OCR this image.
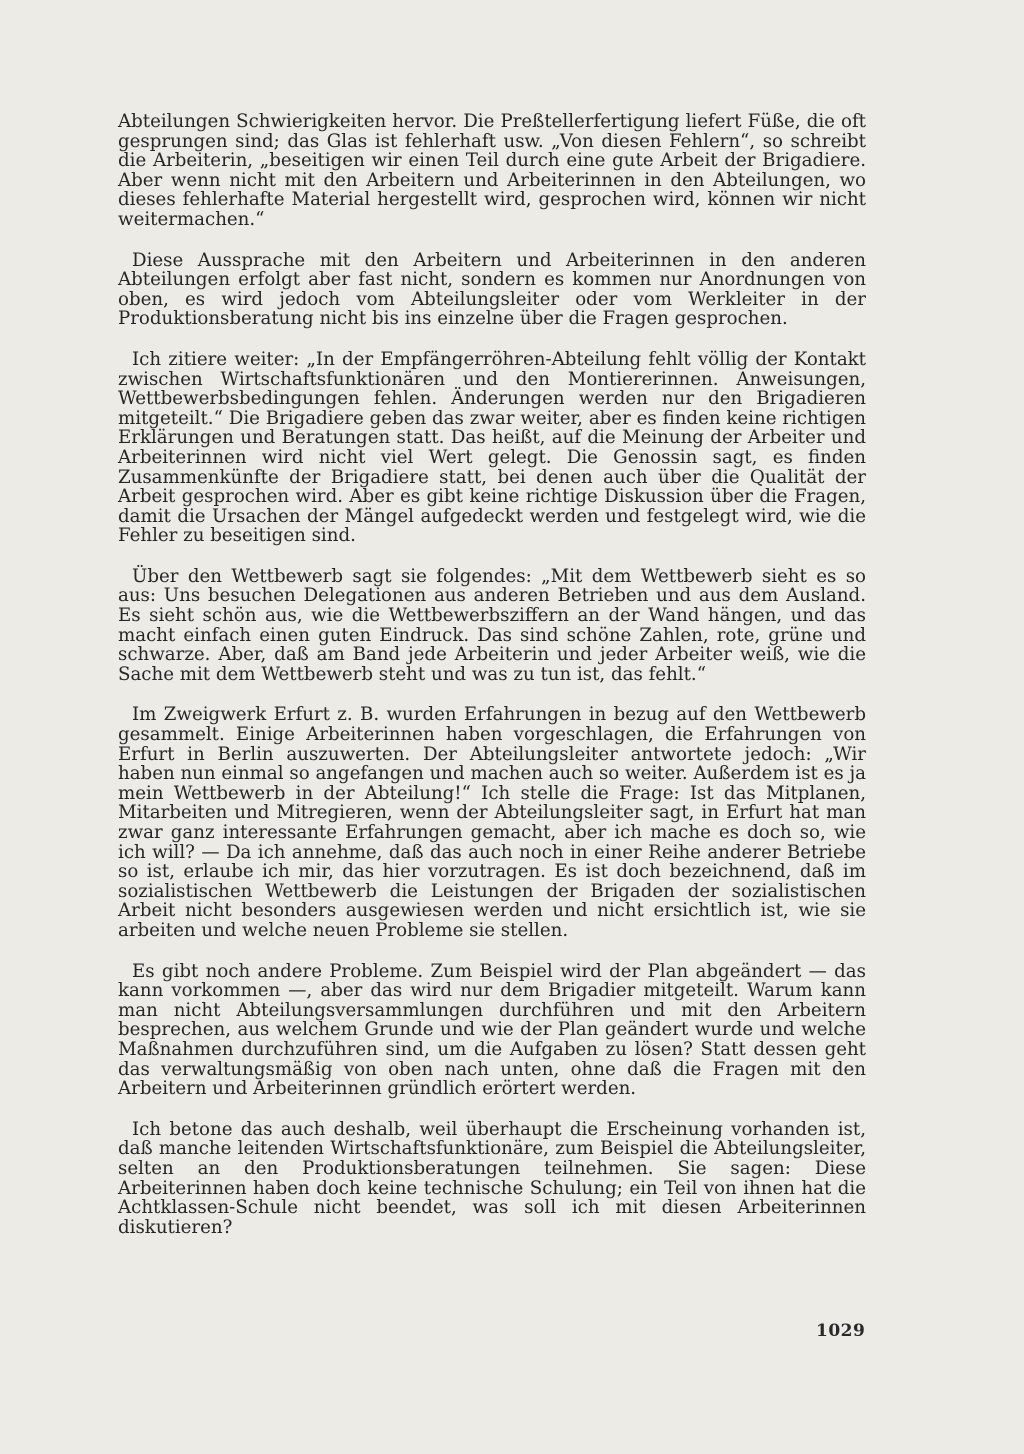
Abteilungen Schwierigkeiten hervor. Die Preßtellerfertigung liefert Füße, die oft gesprungen sind; das Glas ist fehlerhaft usw. „Von diesen Fehlern“, so schreibt die Arbeiterin, „beseitigen wir einen Teil durch eine gute Arbeit der Brigadiere. Aber wenn nicht mit den Arbeitern und Arbeiterinnen in den Abteilungen, wo dieses fehlerhafte Material hergestellt wird, gesprochen wird, können wir nicht weitermachen.“

Diese Aussprache mit den Arbeitern und Arbeiterinnen in den anderen Abteilungen erfolgt aber fast nicht, sondern es kommen nur Anordnungen von oben, es wird jedoch vom Abteilungsleiter oder vom Werkleiter in der Produktionsberatung nicht bis ins einzelne über die Fragen gesprochen.

Ich zitiere weiter: „In der Empfängerröhren-Abteilung fehlt völlig der Kontakt zwischen Wirtschaftsfunktionären und den Montiererinnen. Anweisungen, Wettbewerbsbedingungen fehlen. Änderungen werden nur den Brigadieren mitgeteilt.“ Die Brigadiere geben das zwar weiter, aber es finden keine richtigen Erklärungen und Beratungen statt. Das heißt, auf die Meinung der Arbeiter und Arbeiterinnen wird nicht viel Wert gelegt. Die Genossin sagt, es finden Zusammenkünfte der Brigadiere statt, bei denen auch über die Qualität der Arbeit gesprochen wird. Aber es gibt keine richtige Diskussion über die Fragen, damit die Ursachen der Mängel aufgedeckt werden und festgelegt wird, wie die Fehler zu beseitigen sind.

Über den Wettbewerb sagt sie folgendes: „Mit dem Wettbewerb sieht es so aus: Uns besuchen Delegationen aus anderen Betrieben und aus dem Ausland. Es sieht schön aus, wie die Wettbewerbsziffern an der Wand hängen, und das macht einfach einen guten Eindruck. Das sind schöne Zahlen, rote, grüne und schwarze. Aber, daß am Band jede Arbeiterin und jeder Arbeiter weiß, wie die Sache mit dem Wettbewerb steht und was zu tun ist, das fehlt.“

Im Zweigwerk Erfurt z. B. wurden Erfahrungen in bezug auf den Wettbewerb gesammelt. Einige Arbeiterinnen haben vorgeschlagen, die Erfahrungen von Erfurt in Berlin auszuwerten. Der Abteilungsleiter antwortete jedoch: „Wir haben nun einmal so angefangen und machen auch so weiter. Außerdem ist es ja mein Wettbewerb in der Abteilung!“ Ich stelle die Frage: Ist das Mitplanen, Mitarbeiten und Mitregieren, wenn der Abteilungsleiter sagt, in Erfurt hat man zwar ganz interessante Erfahrungen gemacht, aber ich mache es doch so, wie ich will? — Da ich annehme, daß das auch noch in einer Reihe anderer Betriebe so ist, erlaube ich mir, das hier vorzutragen. Es ist doch bezeichnend, daß im sozialistischen Wettbewerb die Leistungen der Brigaden der sozialistischen Arbeit nicht besonders ausgewiesen werden und nicht ersichtlich ist, wie sie arbeiten und welche neuen Probleme sie stellen.

Es gibt noch andere Probleme. Zum Beispiel wird der Plan abgeändert — das kann vorkommen —, aber das wird nur dem Brigadier mitgeteilt. Warum kann man nicht Abteilungsversammlungen durchführen und mit den Arbeitern besprechen, aus welchem Grunde und wie der Plan geändert wurde und welche Maßnahmen durchzuführen sind, um die Aufgaben zu lösen? Statt dessen geht das verwaltungsmäßig von oben nach unten, ohne daß die Fragen mit den Arbeitern und Arbeiterinnen gründlich erörtert werden.

Ich betone das auch deshalb, weil überhaupt die Erscheinung vorhanden ist, daß manche leitenden Wirtschaftsfunktionäre, zum Beispiel die Abteilungsleiter, selten an den Produktionsberatungen teilnehmen. Sie sagen: Diese Arbeiterinnen haben doch keine technische Schulung; ein Teil von ihnen hat die Achtklassen-Schule nicht beendet, was soll ich mit diesen Arbeiterinnen diskutieren?

1029
